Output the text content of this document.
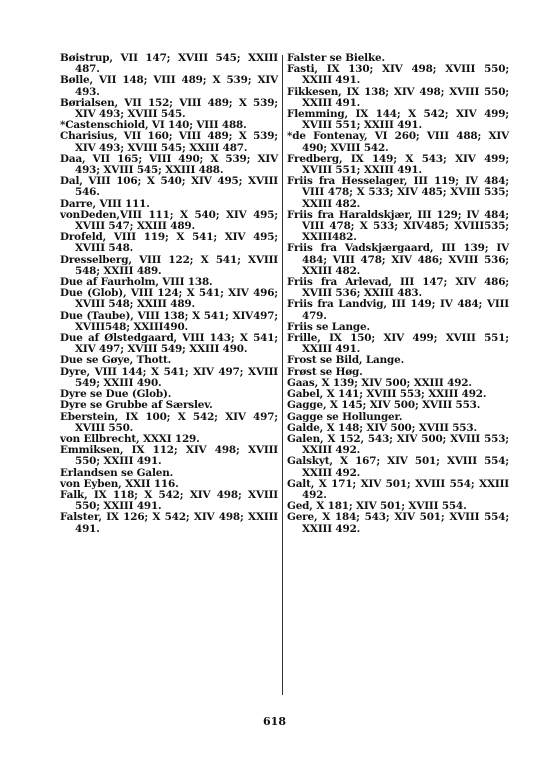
Bøistrup, VII 147; XVIII 545; XXIII 487.

Bølle, VII 148; VIII 489; X 539; XIV 493.

Børialsen, VII 152; VIII 489; X 539; XIV 493; XVIII 545.

*Castenschiold, VI 140; VIII 488.

Charisius, VII 160; VIII 489; X 539; XIV 493; XVIII 545; XXIII 487.

Daa, VII 165; VIII 490; X 539; XIV 493; XVIII 545; XXIII 488.

Dal, VIII 106; X 540; XIV 495; XVIII 546.

Darre, VIII 111.

vonDeden,VIII 111; X 540; XIV 495; XVIII 547; XXIII 489.

Drofeld, VIII 119; X 541; XIV 495; XVIII 548.

Dresselberg, VIII 122; X 541; XVIII 548; XXIII 489.

Due af Faurholm, VIII 138.

Due (Glob), VIII 124; X 541; XIV 496; XVIII 548; XXIII 489.

Due (Taube), VIII 138; X 541; XIV497; XVIII548; XXIII490.

Due af Ølstedgaard, VIII 143; X 541; XIV 497; XVIII 549; XXIII 490.

Due se Gøye, Thott.

Dyre, VIII 144; X 541; XIV 497; XVIII 549; XXIII 490.

Dyre se Due (Glob).

Dyre se Grubbe af Særslev.

Eberstein, IX 100; X 542; XIV 497; XVIII 550.

von Ellbrecht, XXXI 129.

Emmiksen, IX 112; XIV 498; XVIII 550; XXIII 491.

Erlandsen se Galen.

von Eyben, XXII 116.

Falk, IX 118; X 542; XIV 498; XVIII 550; XXIII 491.

Falster, IX 126; X 542; XIV 498; XXIII 491.

Falster se Bielke.

Fasti, IX 130; XIV 498; XVIII 550; XXIII 491.

Fikkesen, IX 138; XIV 498; XVIII 550; XXIII 491.

Flemming, IX 144; X 542; XIV 499; XVIII 551; XXIII 491.

*de Fontenay, VI 260; VIII 488; XIV 490; XVIII 542.

Fredberg, IX 149; X 543; XIV 499; XVIII 551; XXIII 491.

Friis fra Hesselager, III 119; IV 484; VIII 478; X 533; XIV 485; XVIII 535; XXIII 482.

Friis fra Haraldskjær, III 129; IV 484; VIII 478; X 533; XIV485; XVIII535; XXIII482.

Friis fra Vadskjærgaard, III 139; IV 484; VIII 478; XIV 486; XVIII 536; XXIII 482.

Friis fra Arlevad, III 147; XIV 486; XVIII 536; XXIII 483.

Friis fra Landvig, III 149; IV 484; VIII 479.

Friis se Lange.

Frille, IX 150; XIV 499; XVIII 551; XXIII 491.

Frost se Bild, Lange.

Frøst se Høg.

Gaas, X 139; XIV 500; XXIII 492.

Gabel, X 141; XVIII 553; XXIII 492.

Gagge, X 145; XIV 500; XVIII 553.

Gagge se Hollunger.

Galde, X 148; XIV 500; XVIII 553.

Galen, X 152, 543; XIV 500; XVIII 553; XXIII 492.

Galskyt, X 167; XIV 501; XVIII 554; XXIII 492.

Galt, X 171; XIV 501; XVIII 554; XXIII 492.

Ged, X 181; XIV 501; XVIII 554.

Gere, X 184; 543; XIV 501; XVIII 554; XXIII 492.

618
